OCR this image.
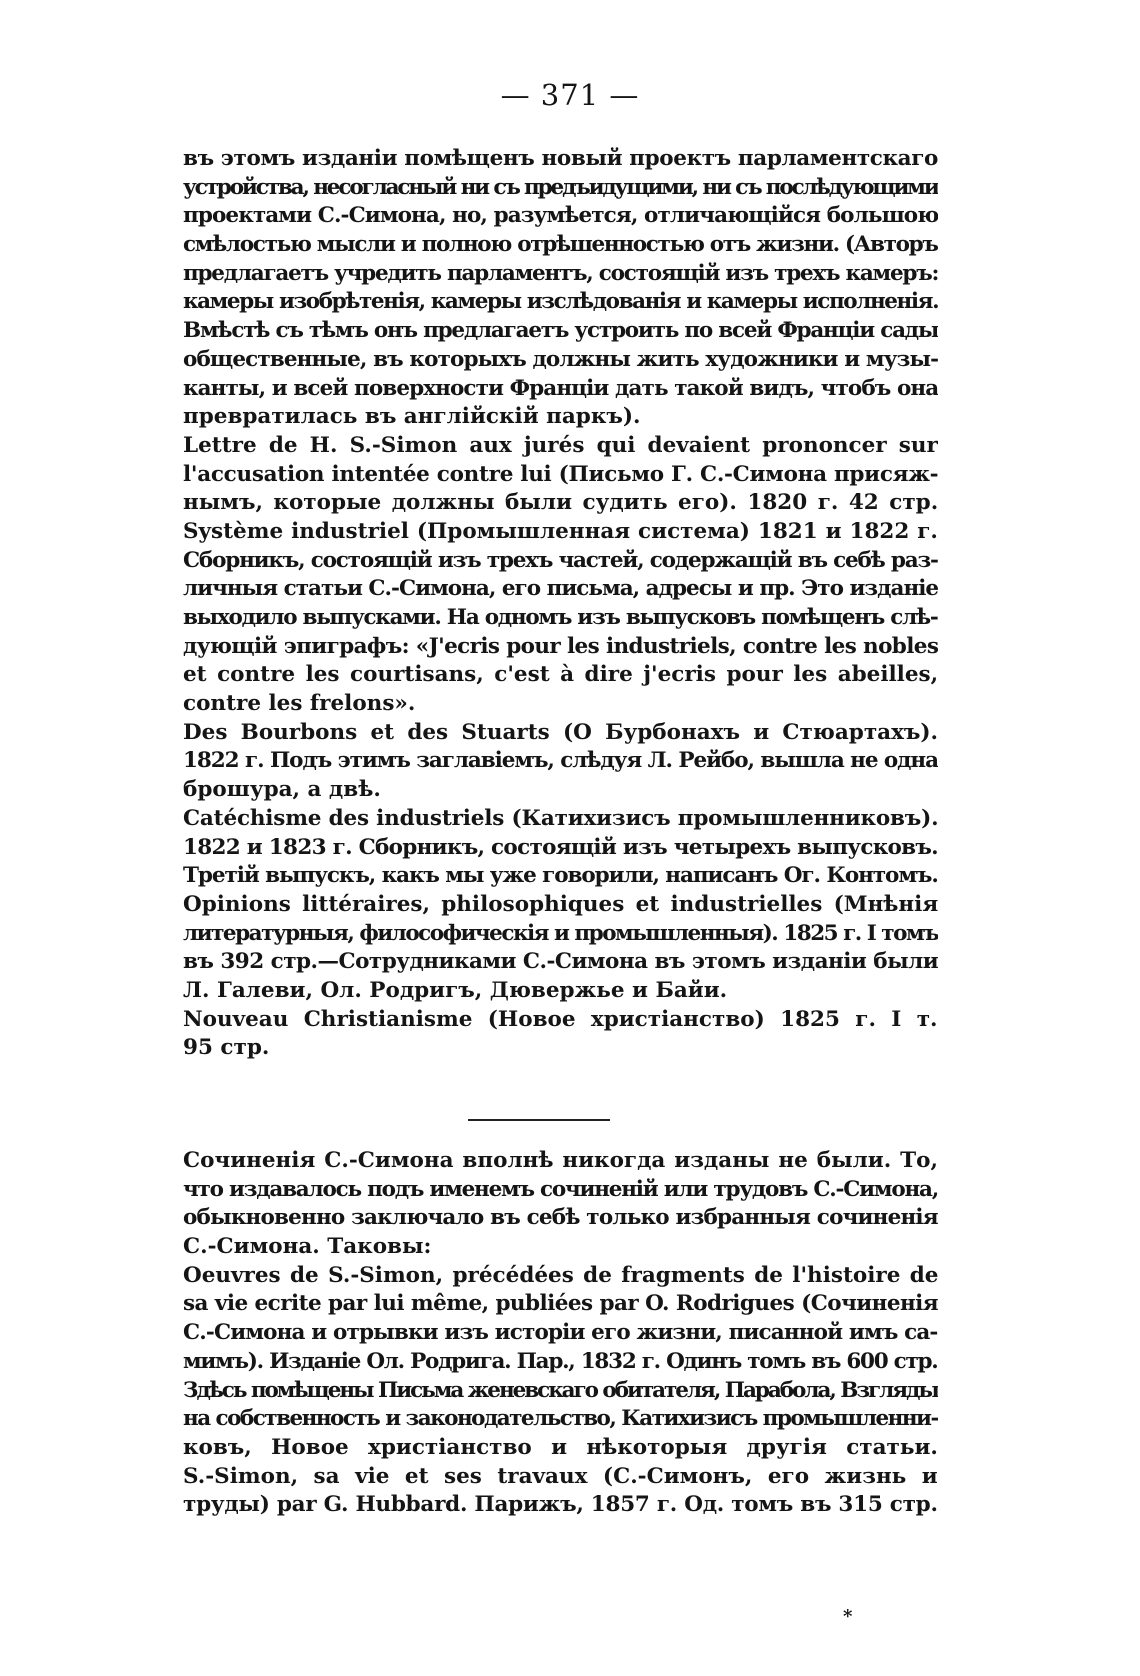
— 371 —
въ этомъ изданіи помѣщенъ новый проектъ парламентскаго
устройства, несогласный ни съ предъидущими, ни съ послѣдующими
проектами С.-Симона, но, разумѣется, отличающійся большою
смѣлостью мысли и полною отрѣшенностью отъ жизни. (Авторъ
предлагаетъ учредить парламентъ, состоящій изъ трехъ камеръ:
камеры изобрѣтенія, камеры изслѣдованія и камеры исполненія.
Вмѣстѣ съ тѣмъ онъ предлагаетъ устроить по всей Франціи сады
общественные, въ которыхъ должны жить художники и музы-
канты, и всей поверхности Франціи дать такой видъ, чтобъ она
превратилась въ англійскій паркъ).
Lettre de H. S.-Simon aux jurés qui devaient prononcer sur
l'accusation intentée contre lui (Письмо Г. С.-Симона присяж-
нымъ, которые должны были судить его). 1820 г. 42 стр.
Système industriel (Промышленная система) 1821 и 1822 г.
Сборникъ, состоящій изъ трехъ частей, содержащій въ себѣ раз-
личныя статьи С.-Симона, его письма, адресы и пр. Это изданіе
выходило выпусками. На одномъ изъ выпусковъ помѣщенъ слѣ-
дующій эпиграфъ: «J'ecris pour les industriels, contre les nobles
et contre les courtisans, c'est à dire j'ecris pour les abeilles,
contre les frelons».
Des Bourbons et des Stuarts (О Бурбонахъ и Стюартахъ).
1822 г. Подъ этимъ заглавіемъ, слѣдуя Л. Рейбо, вышла не одна
брошура, а двѣ.
Catéchisme des industriels (Катихизисъ промышленниковъ).
1822 и 1823 г. Сборникъ, состоящій изъ четырехъ выпусковъ.
Третій выпускъ, какъ мы уже говорили, написанъ Ог. Контомъ.
Opinions littéraires, philosophiques et industrielles (Мнѣнія
литературныя, философическія и промышленныя). 1825 г. I томъ
въ 392 стр.—Сотрудниками С.-Симона въ этомъ изданіи были
Л. Галеви, Ол. Родригъ, Дювержье и Байи.
Nouveau Christianisme (Новое христіанство) 1825 г. I т.
95 стр.
Сочиненія С.-Симона вполнѣ никогда изданы не были. То,
что издавалось подъ именемъ сочиненій или трудовъ С.-Симона,
обыкновенно заключало въ себѣ только избранныя сочиненія
С.-Симона. Таковы:
Oeuvres de S.-Simon, précédées de fragments de l'histoire de
sa vie ecrite par lui même, publiées par O. Rodrigues (Сочиненія
С.-Симона и отрывки изъ исторіи его жизни, писанной имъ са-
мимъ). Изданіе Ол. Родрига. Пар., 1832 г. Одинъ томъ въ 600 стр.
Здѣсь помѣщены Письма женевскаго обитателя, Парабола, Взгляды
на собственность и законодательство, Катихизисъ промышленни-
ковъ, Новое христіанство и нѣкоторыя другія статьи.
S.-Simon, sa vie et ses travaux (С.-Симонъ, его жизнь и
труды) par G. Hubbard. Парижъ, 1857 г. Од. томъ въ 315 стр.
*
